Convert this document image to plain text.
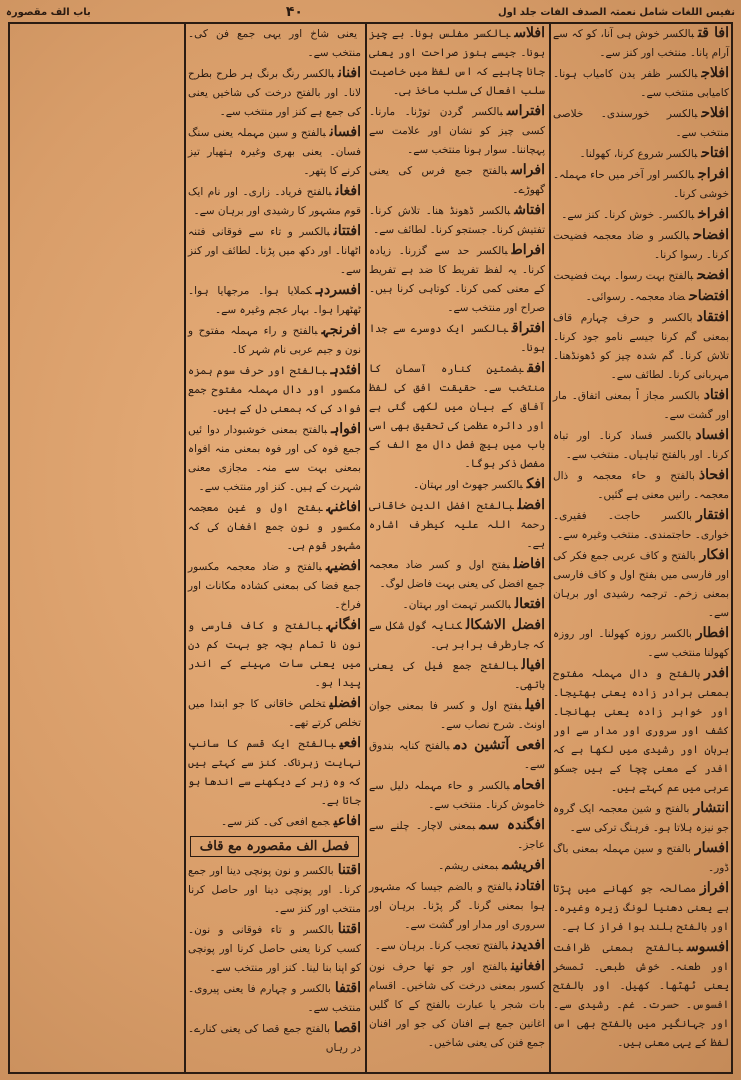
نفیس اللغات شامل نعمتہ الصدف الفات جلد اول
۴۰
باب الف مقصورہ

افا قتبالکسر خوش ہی آنا، کو کہ سے آرام پانا۔ منتخب اور کنز سے۔

افلاجبالکسر ظفر یدن کامیاب ہونا۔ کامیابی منتخب سے۔

افلاحبالکسر خورسندی۔ خلاصی منتخب سے۔

افتاحبالکسر شروع کرنا، کھولنا۔

افراجبالکسر اور آخر میں حاء مہملہ۔ خوشی کرنا۔

افراخبالکسر۔ خوش کرنا۔ کنز سے۔

افضاحبالکسر و ضاد معجمہ فضیحت کرنا۔ رسوا کرنا۔

افضحبالفتح بہت رسوا۔ بہت فضیحت

افتضاحضاد معجمہ۔ رسوائی۔

افتقادبالکسر و حرف چہارم قاف بمعنی گم کرنا جیسے نامو جود کرنا۔ تلاش کرنا۔ گم شدہ چیز کو ڈھونڈھنا۔ مہربانی کرنا۔ لطائف سے۔

افتادبالکسر مجاز اً بمعنی اتفاق۔ مار اور گشت سے۔

افسادبالکسر فساد کرنا۔ اور تباہ کرنا۔ اور بالفتح تباہیاں۔ منتخب سے۔

افحاذبالفتح و حاء معجمہ و ذال معجمہ۔ رانیں معنی ہے گئیں۔

افتقاربالکسر حاجت۔ فقیری۔ خواری۔ حاجتمندی۔ منتخب وغیرہ سے۔

افکاربالفتح و کاف عربی جمع فکر کی اور فارسی میں بفتح اول و کاف فارسی بمعنی زخم۔ ترجمہ رشیدی اور برہان سے۔

افطاربالکسر روزہ کھولنا۔ اور روزہ کھولنا منتخب سے۔

افدربالفتح و دال مہملہ مفتوح بمعنی برادر زادہ یعنی بھتیجا۔ اور خواہر زادہ یعنی بھانجا۔ کشف اور سروری اور مدار سے اور برہان اور رشیدی میں لکھا ہے کہ افدر کے معنی چچا کے ہیں جسکو عربی میں عم کہتے ہیں۔

انتشاربالفتح و شین معجمہ ایک گروہ جو نیزہ ہلاتا ہو۔ فرہنگ ترکی سے۔

افساربالفتح و سین مہملہ بمعنی باگ ڈور۔

افرازمصالحہ جو کھانے میں پڑتا ہے یعنی دھنیا لونگ زیرہ وغیرہ۔ اور بالفتح بلند ہوا فراز کا ہے۔

افسوسبالفتح بمعنی ظرافت اور طعنہ۔ خوش طبعی۔ تمسخر یعنی ٹھٹھا۔ کھیل۔ اور بالفتح افسوس۔ حسرت۔ غم۔ رشیدی سے۔ اور جہانگیر میں بالفتح بھی اس لفظ کے یہی معنی ہیں۔

افلاسبالکسر مفلس ہونا۔ بے چیز ہونا۔ جیسے ہنوز صراحت اور یعنی جانا چاہیے کہ اس لفظ میں خاصیت سلب افعال کی سلب ماخذ ہی۔

افتراسبالکسر گردن توڑنا۔ مارنا۔ کسی چیز کو نشان اور علامت سے پہچاننا۔ سوار ہونا منتخب سے۔

افراسبالفتح جمع فرس کی یعنی گھوڑے۔

افتاشبالکسر ڈھونڈ ھنا۔ تلاش کرنا۔ تفتیش کرنا۔ جستجو کرنا۔ لطائف سے۔

افراطبالکسر حد سے گزرنا۔ زیادہ کرنا۔ یہ لفظ تفریط کا ضد ہے تفریط کے معنی کمی کرنا۔ کوتاہی کرنا ہیں۔ صراح اور منتخب سے۔

افتراقبالکسر ایک دوسرے سے جدا ہونا۔

افقبضمتین کنارہ آسمان کا منتخب سے۔ حقیقت افق کی لفظ آفاق کے بیان میں لکھی گئی ہے اور دائرہ عظمیٰ کی تحقیق بھی اسی باب میں ہیچ فصل دال مع الف کے مفصل ذکر ہوگا۔

افکبالکسر جھوٹ اور بہتان۔

افضلبالفتح افضل الدین خاقانی رحمۃ اللہ علیہ کیطرف اشارہ ہے۔

افاضلبفتح اول و کسر ضاد معجمہ جمع افضل کی یعنی بہت فاضل لوگ۔

افتعالبالکسر تہمت اور بہتان۔

افضل الاشکالکنایہ گول شکل سے کہ جارطرف برابر ہی۔

افیالبالفتح جمع فیل کی یعنی ہاتھی۔

افیلبفتح اول و کسر فا بمعنی جوان اونٹ۔ شرح نصاب سے۔

افعی آتشین دمبالفتح کنایہ بندوق سے۔

افحامبالکسر و حاء مہملہ دلیل سے خاموش کرنا۔ منتخب سے۔

افگندہ سمبمعنی لاچار۔ چلنے سے عاجز۔

افریشمبمعنی ریشم۔

افتادنبالفتح و بالضم جیسا کہ مشہور ہوا بمعنی گرنا۔ گر پڑنا۔ برہان اور سروری اور مدار اور گشت سے۔

افدیدنبالفتح تعجب کرنا۔ برہان سے۔

افغانینبالفتح اور جو تھا حرف نون کسور بمعنی درخت کی شاخیں۔ اقسام بات شجر یا عبارت بالفتح کے کا گلیں اغانین جمع ہے افنان کی جو اور افنان جمع فنن کی یعنی شاخیں۔

یعنی شاخ اور یہی جمع فن کی۔ منتخب سے۔

افنانبالکسر رنگ برنگ ہر طرح بطرح لانا۔ اور بالفتح درخت کی شاخیں یعنی کی جمع ہے کنز اور منتخب سے۔

افسانبالفتح و سین مہملہ یعنی سنگ فسان۔ یعنی بھری وغیرہ ہتھیار تیز کرنے کا پتھر۔

افغانبالفتح فریاد۔ زاری۔ اور نام ایک قوم مشہور کا رشیدی اور برہان سے۔

افتتانبالکسر و تاء سے فوقانی فتنہ اٹھانا۔ اور دکھ میں پڑنا۔ لطائف اور کنز سے۔

افسردہکملایا ہوا۔ مرجھایا ہوا۔ ٹھٹھرا ہوا۔ بہار عجم وغیرہ سے۔

افرنجہبالفتح و راء مہملہ مفتوح و نون و جیم عربی نام شہر کا۔

افئدہبالفتح اور حرف سوم ہمزہ مکسور اور دال مہملہ مفتوح جمع فواد کی کہ بمعنی دل کے ہیں۔

افواہبالفتح بمعنی خوشبودار دوا ئیں جمع فوہ کی اور فوہ بمعنی منہ افواہ بمعنی بہت سے منہ۔ مجازی معنی شہرت کے ہیں۔ کنز اور منتخب سے۔

افاغنہبفتح اول و غین معجمہ مکسور و نون جمع افغان کی کہ مشہور قوم ہی۔

افضیہبالفتح و ضاد معجمہ مکسور جمع فضا کی بمعنی کشادہ مکانات اور فراخ۔

افگانہبالفتح و کاف فارسی و نون نا تمام بچہ جو بہت کم دن میں یعنی سات مہینے کے اندر پیدا ہو۔

افضلیتخلص خاقانی کا جو ابتدا میں تخلص کرتے تھے۔

افعیبالفتح ایک قسم کا سانپ نہایت زہرناک۔ کنز سے کہتے ہیں کہ وہ زہر کے دیکھنے سے اندھا ہو جاتا ہے۔

افاعیجمع افعی کی۔ کنز سے۔

فصل الف مقصورہ مع قاف

اقتنابالکسر و نون پونچی دینا اور جمع کرنا۔ اور پونچی دینا اور حاصل کرنا منتخب اور کنز سے۔

اقتنابالکسر و تاء فوقانی و نون۔ کسب کرنا یعنی حاصل کرنا اور پونچی کو اپنا بنا لینا۔ کنز اور منتخب سے۔

اقتفابالکسر و چہارم فا یعنی پیروی۔ منتخب سے۔

اقصابالفتح جمع قصا کی یعنی کنارے۔ در رہاں
